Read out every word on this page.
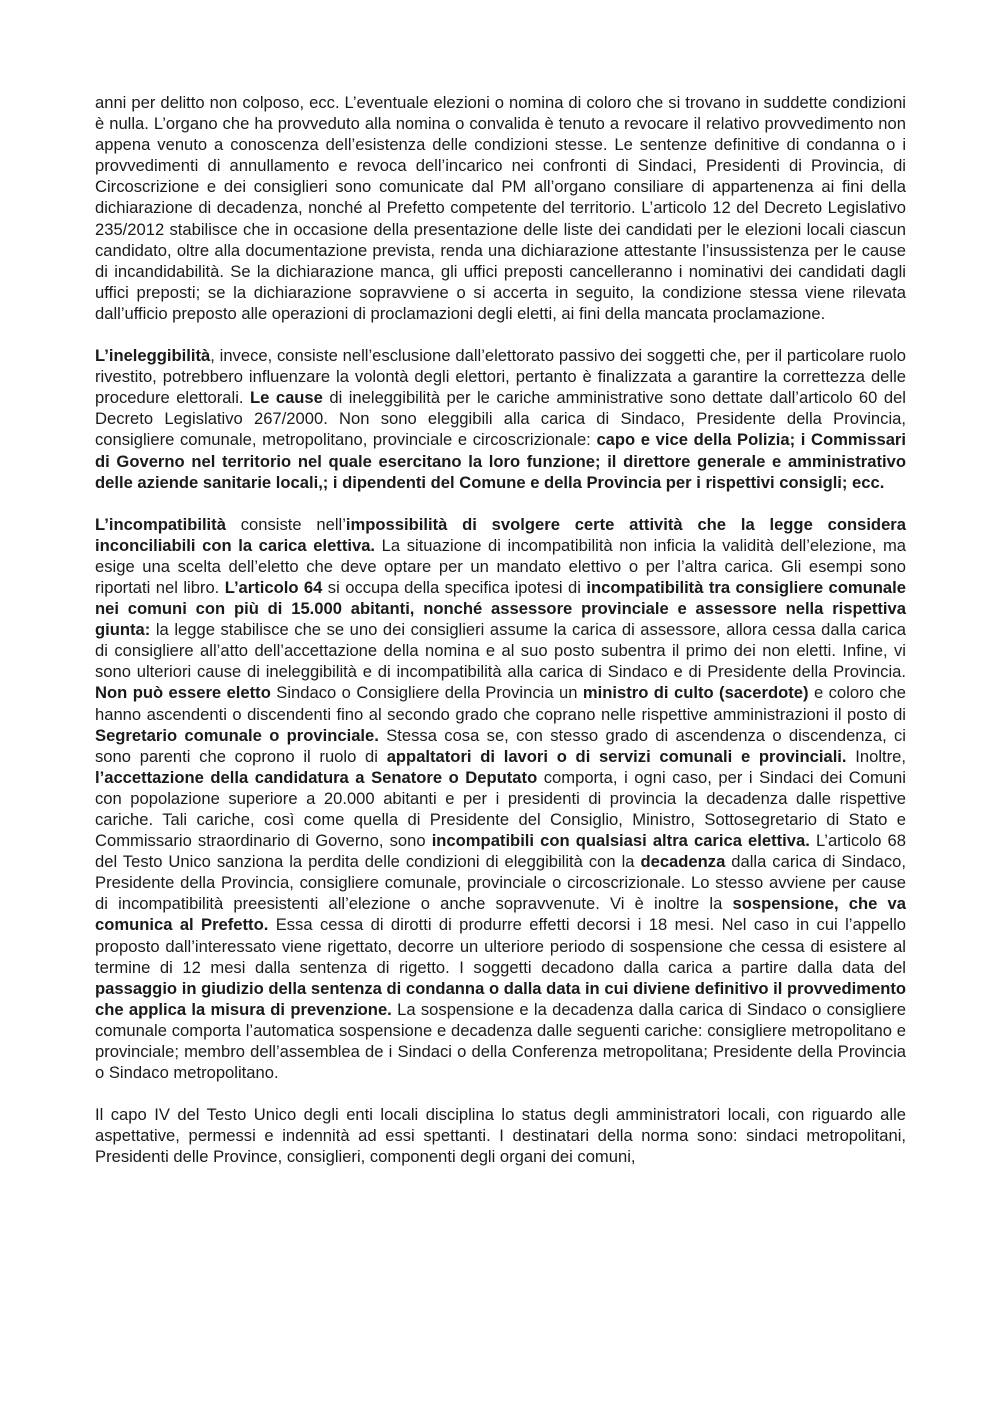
anni per delitto non colposo, ecc. L’eventuale elezioni o nomina di coloro che si trovano in suddette condizioni è nulla. L’organo che ha provveduto alla nomina o convalida è tenuto a revocare il relativo provvedimento non appena venuto a conoscenza dell’esistenza delle condizioni stesse. Le sentenze definitive di condanna o i provvedimenti di annullamento e revoca dell’incarico nei confronti di Sindaci, Presidenti di Provincia, di Circoscrizione e dei consiglieri sono comunicate dal PM all’organo consiliare di appartenenza ai fini della dichiarazione di decadenza, nonché al Prefetto competente del territorio. L’articolo 12 del Decreto Legislativo 235/2012 stabilisce che in occasione della presentazione delle liste dei candidati per le elezioni locali ciascun candidato, oltre alla documentazione prevista, renda una dichiarazione attestante l’insussistenza per le cause di incandidabilità. Se la dichiarazione manca, gli uffici preposti cancelleranno i nominativi dei candidati dagli uffici preposti; se la dichiarazione sopravviene o si accerta in seguito, la condizione stessa viene rilevata dall’ufficio preposto alle operazioni di proclamazioni degli eletti, ai fini della mancata proclamazione.

L’ineleggibilità, invece, consiste nell’esclusione dall’elettorato passivo dei soggetti che, per il particolare ruolo rivestito, potrebbero influenzare la volontà degli elettori, pertanto è finalizzata a garantire la correttezza delle procedure elettorali. Le cause di ineleggibilità per le cariche amministrative sono dettate dall’articolo 60 del Decreto Legislativo 267/2000. Non sono eleggibili alla carica di Sindaco, Presidente della Provincia, consigliere comunale, metropolitano, provinciale e circoscrizionale: capo e vice della Polizia; i Commissari di Governo nel territorio nel quale esercitano la loro funzione; il direttore generale e amministrativo delle aziende sanitarie locali,; i dipendenti del Comune e della Provincia per i rispettivi consigli; ecc.

L’incompatibilità consiste nell’impossibilità di svolgere certe attività che la legge considera inconciliabili con la carica elettiva. La situazione di incompatibilità non inficia la validità dell’elezione, ma esige una scelta dell’eletto che deve optare per un mandato elettivo o per l’altra carica. Gli esempi sono riportati nel libro. L’articolo 64 si occupa della specifica ipotesi di incompatibilità tra consigliere comunale nei comuni con più di 15.000 abitanti, nonché assessore provinciale e assessore nella rispettiva giunta: la legge stabilisce che se uno dei consiglieri assume la carica di assessore, allora cessa dalla carica di consigliere all’atto dell’accettazione della nomina e al suo posto subentra il primo dei non eletti. Infine, vi sono ulteriori cause di ineleggibilità e di incompatibilità alla carica di Sindaco e di Presidente della Provincia. Non può essere eletto Sindaco o Consigliere della Provincia un ministro di culto (sacerdote) e coloro che hanno ascendenti o discendenti fino al secondo grado che coprano nelle rispettive amministrazioni il posto di Segretario comunale o provinciale. Stessa cosa se, con stesso grado di ascendenza o discendenza, ci sono parenti che coprono il ruolo di appaltatori di lavori o di servizi comunali e provinciali. Inoltre, l’accettazione della candidatura a Senatore o Deputato comporta, i ogni caso, per i Sindaci dei Comuni con popolazione superiore a 20.000 abitanti e per i presidenti di provincia la decadenza dalle rispettive cariche. Tali cariche, così come quella di Presidente del Consiglio, Ministro, Sottosegretario di Stato e Commissario straordinario di Governo, sono incompatibili con qualsiasi altra carica elettiva. L’articolo 68 del Testo Unico sanziona la perdita delle condizioni di eleggibilità con la decadenza dalla carica di Sindaco, Presidente della Provincia, consigliere comunale, provinciale o circoscrizionale. Lo stesso avviene per cause di incompatibilità preesistenti all’elezione o anche sopravvenute. Vi è inoltre la sospensione, che va comunica al Prefetto. Essa cessa di dirotti di produrre effetti decorsi i 18 mesi. Nel caso in cui l’appello proposto dall’interessato viene rigettato, decorre un ulteriore periodo di sospensione che cessa di esistere al termine di 12 mesi dalla sentenza di rigetto. I soggetti decadono dalla carica a partire dalla data del passaggio in giudizio della sentenza di condanna o dalla data in cui diviene definitivo il provvedimento che applica la misura di prevenzione. La sospensione e la decadenza dalla carica di Sindaco o consigliere comunale comporta l’automatica sospensione e decadenza dalle seguenti cariche: consigliere metropolitano e provinciale; membro dell’assemblea de i Sindaci o della Conferenza metropolitana; Presidente della Provincia o Sindaco metropolitano.

Il capo IV del Testo Unico degli enti locali disciplina lo status degli amministratori locali, con riguardo alle aspettative, permessi e indennità ad essi spettanti. I destinatari della norma sono: sindaci metropolitani, Presidenti delle Province, consiglieri, componenti degli organi dei comuni,
